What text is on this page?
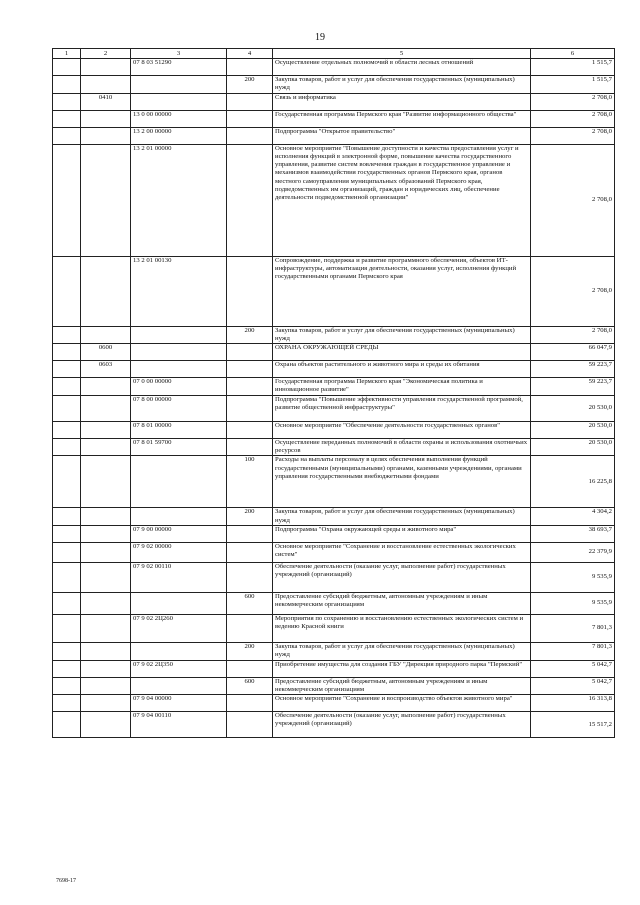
19
1	2	3	4	5	6
		07 8 03 51290		Осуществление отдельных полномочий в области лесных отношений	1 515,7
			200	Закупка товаров, работ и услуг для обеспечения государственных (муниципальных) нужд	1 515,7
	0410			Связь и информатика	2 708,0
		13 0 00 00000		Государственная программа Пермского края "Развитие информационного общества"	2 708,0
		13 2 00 00000		Подпрограмма "Открытое правительство"	2 708,0
		13 2 01 00000		Основное мероприятие "Повышение доступности и качества предоставления услуг и исполнения функций в электронной форме, повышение качества государственного управления, развитие систем вовлечения граждан в государственное управление и механизмов взаимодействия государственных органов Пермского края, органов местного самоуправления муниципальных образований Пермского края, подведомственных им организаций, граждан и юридических лиц, обеспечение деятельности подведомственной организации"	2 708,0
		13 2 01 00130		Сопровождение, поддержка и развитие программного обеспечения, объектов ИТ-инфраструктуры, автоматизация деятельности, оказания услуг, исполнения функций государственными органами Пермского края	2 708,0
			200	Закупка товаров, работ и услуг для обеспечения государственных (муниципальных) нужд	2 708,0
	0600			ОХРАНА ОКРУЖАЮЩЕЙ СРЕДЫ	66 047,9
	0603			Охрана объектов растительного и животного мира и среды их обитания	59 223,7
		07 0 00 00000		Государственная программа Пермского края "Экономическая политика и инновационное развитие"	59 223,7
		07 8 00 00000		Подпрограмма "Повышение эффективности управления государственной программой, развитие общественной инфраструктуры"	20 530,0
		07 8 01 00000		Основное мероприятие "Обеспечение деятельности государственных органов"	20 530,0
		07 8 01 59700		Осуществление переданных полномочий в области охраны и использования охотничьих ресурсов	20 530,0
			100	Расходы на выплаты персоналу в целях обеспечения выполнения функций государственными (муниципальными) органами, казенными учреждениями, органами управления государственными внебюджетными фондами	16 225,8
			200	Закупка товаров, работ и услуг для обеспечения государственных (муниципальных) нужд	4 304,2
		07 9 00 00000		Подпрограмма "Охрана окружающей среды и животного мира"	38 693,7
		07 9 02 00000		Основное мероприятие "Сохранение и восстановление естественных экологических систем"	22 379,9
		07 9 02 00110		Обеспечение деятельности (оказание услуг, выполнение работ) государственных учреждений (организаций)	9 535,9
			600	Предоставление субсидий бюджетным, автономным учреждениям и иным некоммерческим организациям	9 535,9
		07 9 02 2Ц260		Мероприятия по сохранению и восстановлению естественных экологических систем и ведению Красной книги	7 801,3
			200	Закупка товаров, работ и услуг для обеспечения государственных (муниципальных) нужд	7 801,3
		07 9 02 2Ц350		Приобретение имущества для создания ГБУ "Дирекция природного парка "Пермский"	5 042,7
			600	Предоставление субсидий бюджетным, автономным учреждениям и иным некоммерческим организациям	5 042,7
		07 9 04 00000		Основное мероприятие "Сохранение и воспроизводство объектов животного мира"	16 313,8
		07 9 04 00110		Обеспечение деятельности (оказание услуг, выполнение работ) государственных учреждений (организаций)	15 517,2
7698-17
